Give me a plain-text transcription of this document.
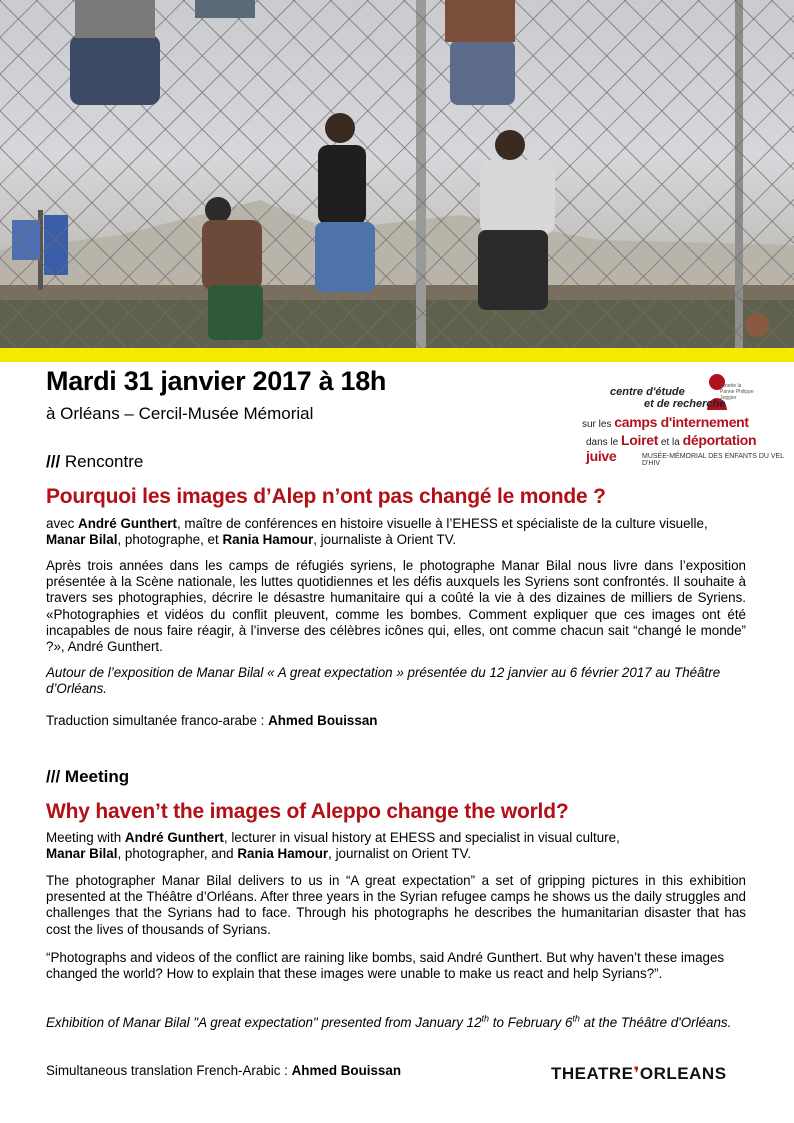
Mardi 31 janvier 2017 à 18h
à Orléans – Cercil-Musée Mémorial
Ginette la Panne Philippe Jeggier
centre d'étude
et de recherche
sur les camps d'internement
dans le Loiret et la déportation juive	MUSÉE-MÉMORIAL DES ENFANTS DU VEL D'HIV
/// Rencontre
Pourquoi les images d’Alep n’ont pas changé le monde ?
avec André Gunthert, maître de conférences en histoire visuelle à l’EHESS et spécialiste de la culture visuelle, Manar Bilal, photographe, et Rania Hamour, journaliste à Orient TV.
Après trois années dans les camps de réfugiés syriens, le photographe Manar Bilal nous livre dans l’exposition présentée à la Scène nationale, les luttes quotidiennes et les défis auxquels les Syriens sont confrontés. Il souhaite à travers ses photographies, décrire le désastre humanitaire qui a coûté la vie à des dizaines de milliers de Syriens. «Photographies et vidéos du conflit pleuvent, comme les bombes. Comment expliquer que ces images ont été incapables de nous faire réagir, à l’inverse des célèbres icônes qui, elles, ont comme chacun sait “changé le monde” ?», André Gunthert.
Autour de l’exposition de Manar Bilal « A great expectation » présentée du 12 janvier au 6 février 2017 au Théâtre d’Orléans.
Traduction simultanée franco-arabe : Ahmed Bouissan
/// Meeting
Why haven’t the images of Aleppo change the world?
Meeting with André Gunthert, lecturer in visual history at EHESS and specialist in visual culture,
Manar Bilal, photographer, and Rania Hamour, journalist on Orient TV.
The photographer Manar Bilal delivers to us in “A great expectation” a set of gripping pictures in this exhibition presented at the Théâtre d’Orléans. After three years in the Syrian refugee camps he shows us the daily struggles and challenges that the Syrians had to face. Through his photographs he describes the humanitarian disaster that has cost the lives of thousands of Syrians.
“Photographs and videos of the conflict are raining like bombs, said André Gunthert. But why haven’t these images changed the world? How to explain that these images were unable to make us react and help Syrians?”.
Exhibition of Manar Bilal "A great expectation" presented from January 12th to February 6th at the Théâtre d'Orléans.
Simultaneous translation French-Arabic : Ahmed Bouissan	THEATRE❜ORLEANS
